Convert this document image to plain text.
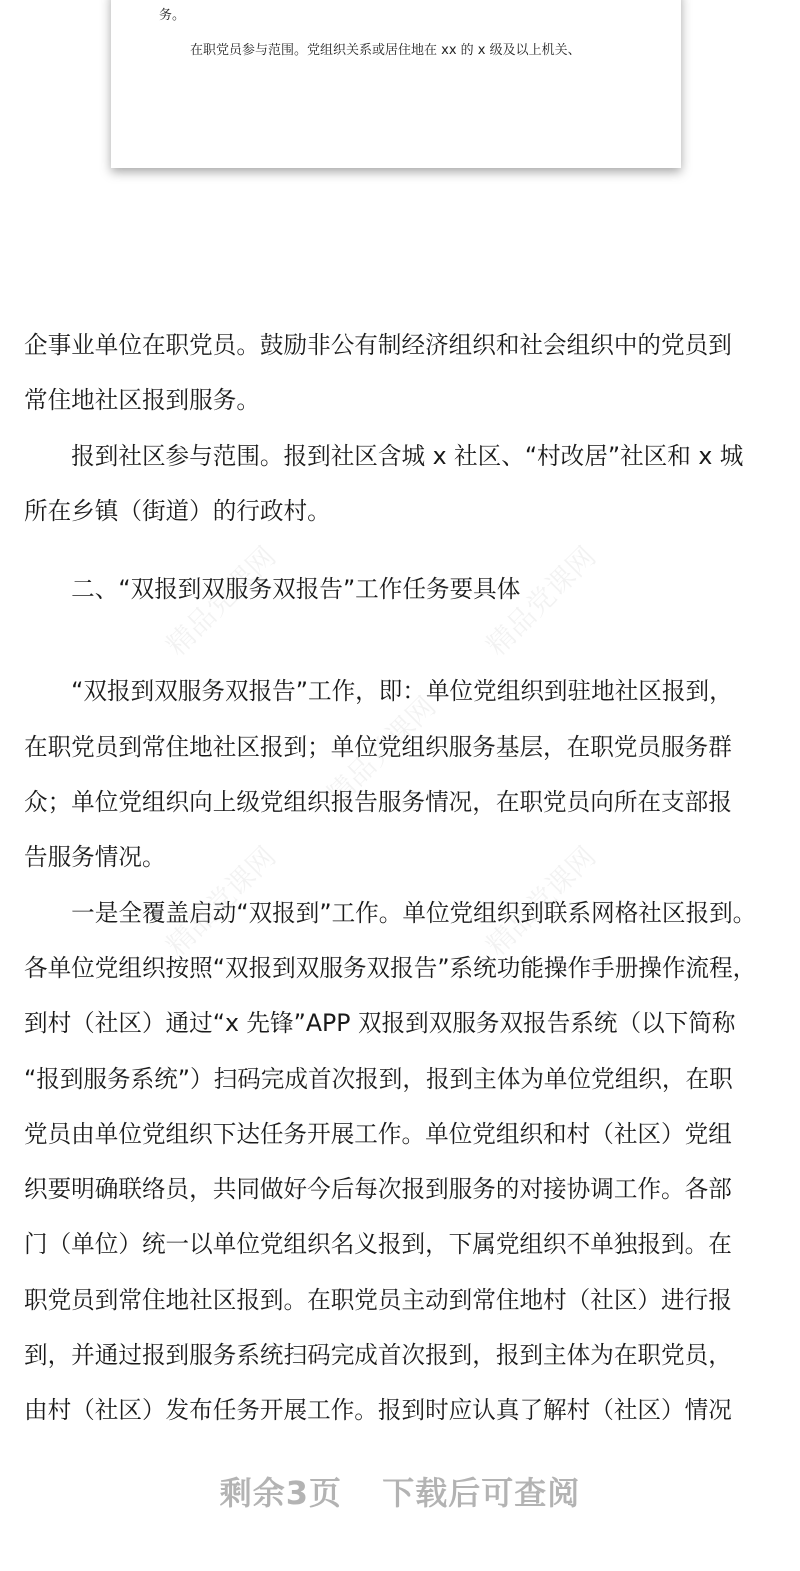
务。
在职党员参与范围。党组织关系或居住地在 xx 的 x 级及以上机关、
精品党课网	精品党课网
精品党课网
精品党课网	精品党课网

企事业单位在职党员。鼓励非公有制经济组织和社会组织中的党员到
常住地社区报到服务。

　　报到社区参与范围。报到社区含城 x 社区、“村改居”社区和 x 城
所在乡镇（街道）的行政村。

　　二、“双报到双服务双报告”工作任务要具体

　　“双报到双服务双报告”工作，即：单位党组织到驻地社区报到，
在职党员到常住地社区报到；单位党组织服务基层，在职党员服务群
众；单位党组织向上级党组织报告服务情况，在职党员向所在支部报
告服务情况。

　　一是全覆盖启动“双报到”工作。单位党组织到联系网格社区报到。
各单位党组织按照“双报到双服务双报告”系统功能操作手册操作流程，
到村（社区）通过“x 先锋”APP 双报到双服务双报告系统（以下简称
“报到服务系统”）扫码完成首次报到，报到主体为单位党组织，在职
党员由单位党组织下达任务开展工作。单位党组织和村（社区）党组
织要明确联络员，共同做好今后每次报到服务的对接协调工作。各部
门（单位）统一以单位党组织名义报到，下属党组织不单独报到。在
职党员到常住地社区报到。在职党员主动到常住地村（社区）进行报
到，并通过报到服务系统扫码完成首次报到，报到主体为在职党员，
由村（社区）发布任务开展工作。报到时应认真了解村（社区）情况

剩余3页 下载后可查阅
